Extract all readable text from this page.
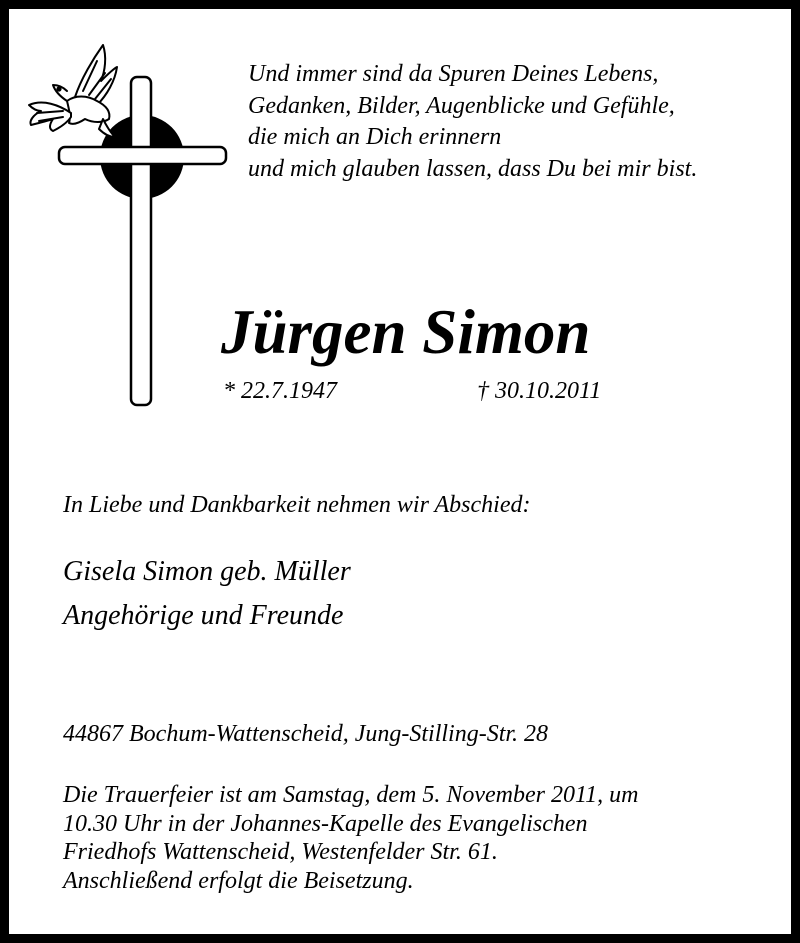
Und immer sind da Spuren Deines Lebens,
Gedanken, Bilder, Augenblicke und Gefühle,
die mich an Dich erinnern
und mich glauben lassen, dass Du bei mir bist.
Jürgen Simon
* 22.7.1947	† 30.10.2011
In Liebe und Dankbarkeit nehmen wir Abschied:
Gisela Simon geb. Müller
Angehörige und Freunde
44867 Bochum-Wattenscheid, Jung-Stilling-Str. 28
Die Trauerfeier ist am Samstag, dem 5. November 2011, um
10.30 Uhr in der Johannes-Kapelle des Evangelischen
Friedhofs Wattenscheid, Westenfelder Str. 61.
Anschließend erfolgt die Beisetzung.
